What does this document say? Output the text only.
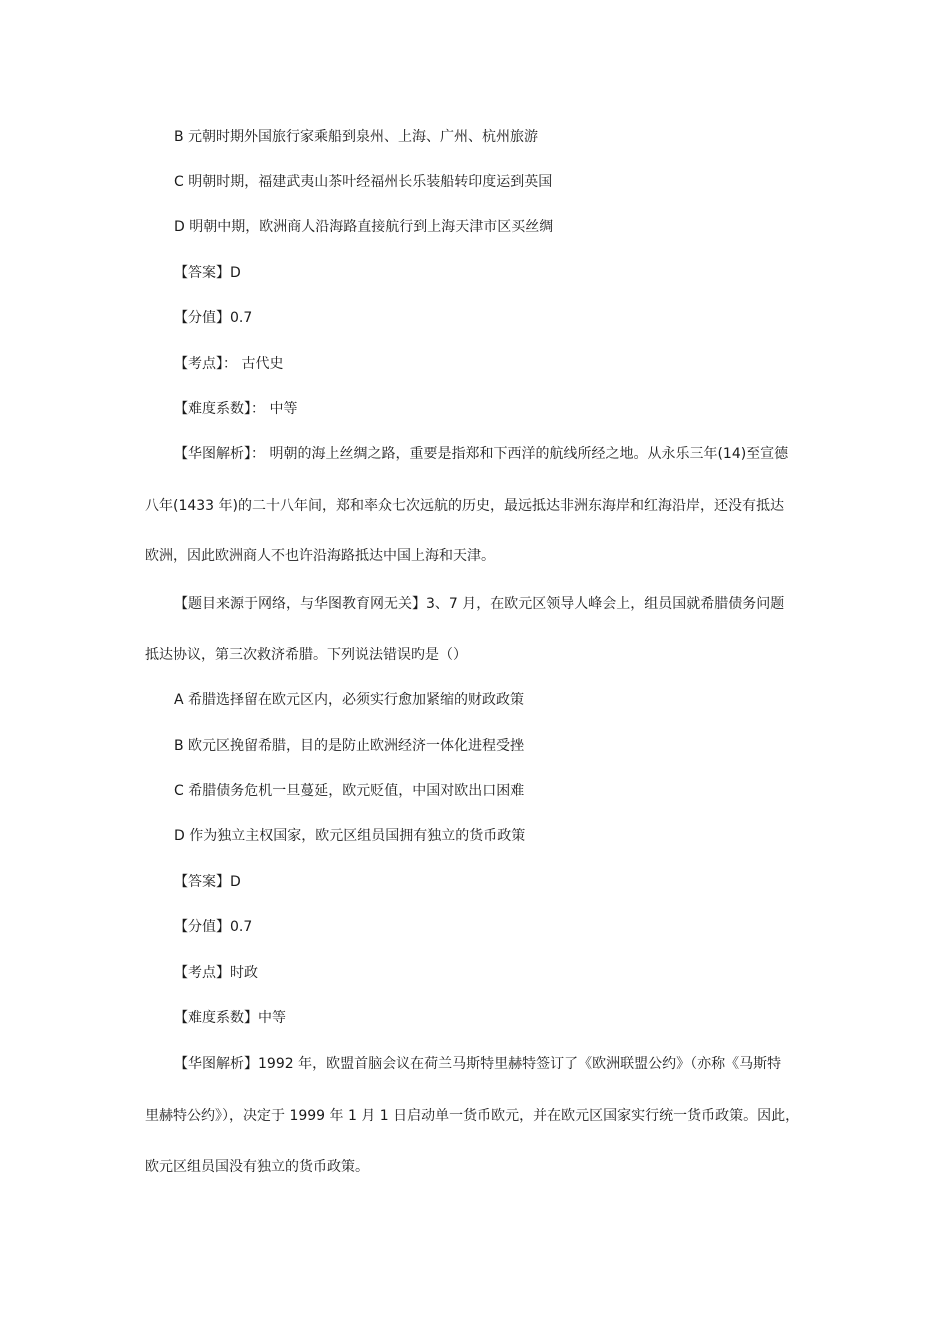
B 元朝时期外国旅行家乘船到泉州、上海、广州、杭州旅游
C 明朝时期，福建武夷山茶叶经福州长乐装船转印度运到英国
D 明朝中期，欧洲商人沿海路直接航行到上海天津市区买丝绸
【答案】D
【分值】0.7
【考点】： 古代史
【难度系数】： 中等
【华图解析】： 明朝的海上丝绸之路，重要是指郑和下西洋的航线所经之地。从永乐三年(14)至宣德
八年(1433 年)的二十八年间，郑和率众七次远航的历史，最远抵达非洲东海岸和红海沿岸，还没有抵达
欧洲，因此欧洲商人不也许沿海路抵达中国上海和天津。
【题目来源于网络，与华图教育网无关】3、7 月，在欧元区领导人峰会上，组员国就希腊债务问题
抵达协议，第三次救济希腊。下列说法错误旳是（）
A 希腊选择留在欧元区内，必须实行愈加紧缩的财政政策
B 欧元区挽留希腊，目的是防止欧洲经济一体化进程受挫
C 希腊债务危机一旦蔓延，欧元贬值，中国对欧出口困难
D 作为独立主权国家，欧元区组员国拥有独立的货币政策
【答案】D
【分值】0.7
【考点】时政
【难度系数】中等
【华图解析】1992 年，欧盟首脑会议在荷兰马斯特里赫特签订了《欧洲联盟公约》（亦称《马斯特
里赫特公约》），决定于 1999 年 1 月 1 日启动单一货币欧元，并在欧元区国家实行统一货币政策。因此，
欧元区组员国没有独立的货币政策。
